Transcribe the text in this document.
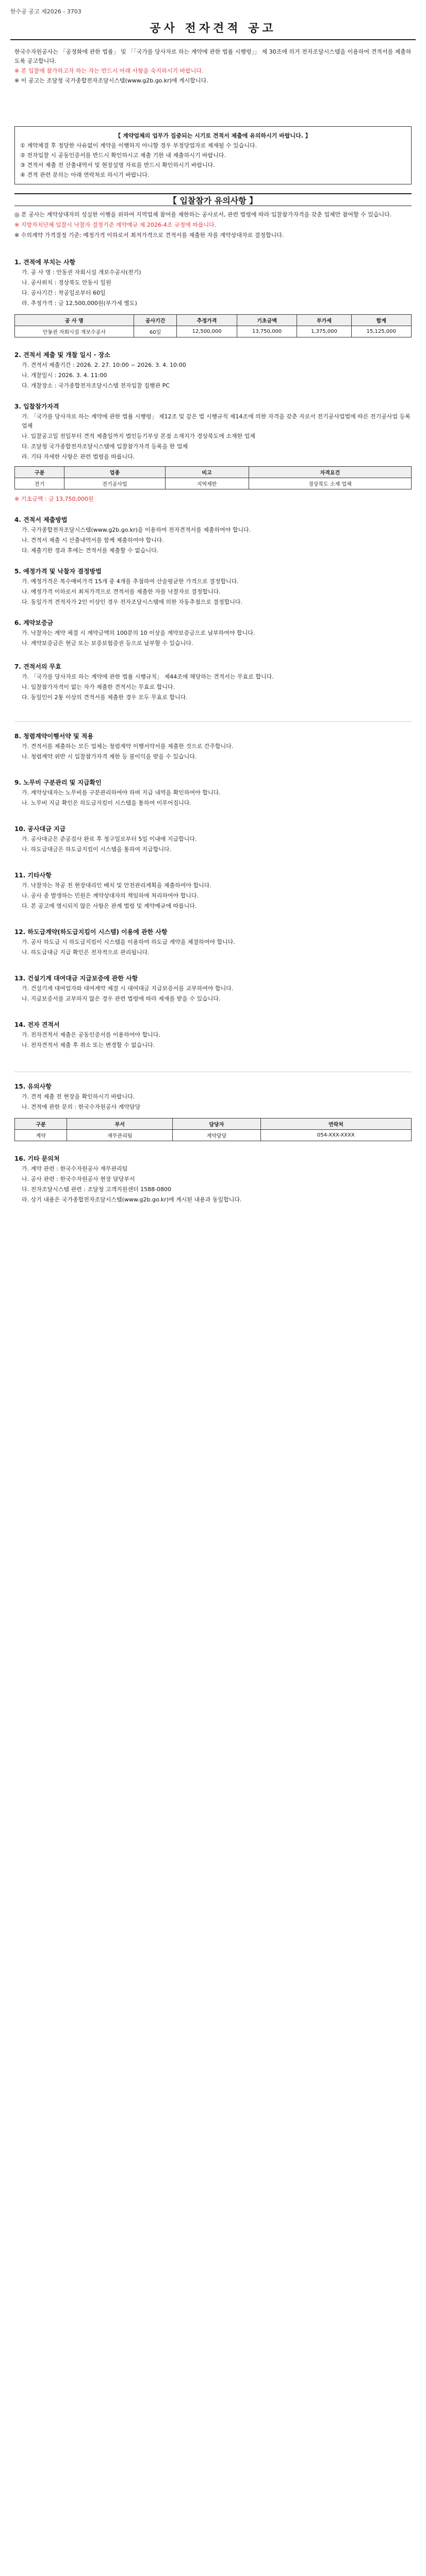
한수공 공고 제2026 - 3703
공사 전자견적 공고

한국수자원공사는 「공정화에 관한 법률」 및 「「국가를 당사자로 하는 계약에 관한 법률 시행령」」 제 30조에 의거 전자조달시스템을 이용하여 견적서를 제출하도록 공고합니다.

※ 본 입찰에 참가하고자 하는 자는 반드시 아래 사항을 숙지하시기 바랍니다.

※ 이 공고는 조달청 국가종합전자조달시스템(www.g2b.go.kr)에 게시합니다.

【 계약업체의 업무가 집중되는 시기로 견적서 제출에 유의하시기 바랍니다. 】

① 계약체결 후 정당한 사유없이 계약을 이행하지 아니할 경우 부정당업자로 제재될 수 있습니다.

② 전자입찰 시 공동인증서를 반드시 확인하시고 제출 기한 내 제출하시기 바랍니다.

③ 견적서 제출 전 산출내역서 및 현장설명 자료를 반드시 확인하시기 바랍니다.

④ 견적 관련 문의는 아래 연락처로 하시기 바랍니다.

【 입찰참가 유의사항 】

◎ 본 공사는 계약상대자의 성실한 이행을 위하여 지역업체 참여를 제한하는 공사로서, 관련 법령에 따라 입찰참가자격을 갖춘 업체만 참여할 수 있습니다.

※ 지방자치단체 입찰시 낙찰자 결정기준 계약예규 제 2026-4조 규정에 따릅니다.

※ 수의계약 가격결정 기준: 예정가격 이하로서 최저가격으로 견적서를 제출한 자를 계약상대자로 결정합니다.

1. 견적에 부치는 사항

가. 공 사 명 : 안동권 자회시설 개보수공사(전기)

나. 공사위치 : 경상북도 안동시 일원

다. 공사기간 : 착공일로부터 60일

라. 추정가격 : 금 12,500,000원(부가세 별도)

공 사 명	공사기간	추정가격	기초금액	부가세	합계
안동권 자회시설 개보수공사	60일	12,500,000	13,750,000	1,375,000	15,125,000
2. 견적서 제출 및 개찰 일시 · 장소

가. 견적서 제출기간 : 2026. 2. 27. 10:00 ~ 2026. 3. 4. 10:00

나. 개찰일시 : 2026. 3. 4. 11:00

다. 개찰장소 : 국가종합전자조달시스템 전자입찰 집행관 PC

3. 입찰참가자격

가. 「국가를 당사자로 하는 계약에 관한 법률 시행령」 제12조 및 같은 법 시행규칙 제14조에 의한 자격을 갖춘 자로서 전기공사업법에 따른 전기공사업 등록업체

나. 입찰공고일 전일부터 견적 제출일까지 법인등기부상 본점 소재지가 경상북도에 소재한 업체

다. 조달청 국가종합전자조달시스템에 입찰참가자격 등록을 한 업체

라. 기타 자세한 사항은 관련 법령을 따릅니다.

구분	업종	비고	자격요건
전기	전기공사업	지역제한	경상북도 소재 업체
※ 기초금액 : 금 13,750,000원
4. 견적서 제출방법

가. 국가종합전자조달시스템(www.g2b.go.kr)을 이용하여 전자견적서를 제출하여야 합니다.

나. 견적서 제출 시 산출내역서를 함께 제출하여야 합니다.

다. 제출기한 경과 후에는 견적서를 제출할 수 없습니다.

5. 예정가격 및 낙찰자 결정방법

가. 예정가격은 복수예비가격 15개 중 4개를 추첨하여 산술평균한 가격으로 결정합니다.

나. 예정가격 이하로서 최저가격으로 견적서를 제출한 자를 낙찰자로 결정합니다.

다. 동일가격 견적자가 2인 이상인 경우 전자조달시스템에 의한 자동추첨으로 결정합니다.

6. 계약보증금

가. 낙찰자는 계약 체결 시 계약금액의 100분의 10 이상을 계약보증금으로 납부하여야 합니다.

나. 계약보증금은 현금 또는 보증보험증권 등으로 납부할 수 있습니다.

7. 견적서의 무효

가. 「국가를 당사자로 하는 계약에 관한 법률 시행규칙」 제44조에 해당하는 견적서는 무효로 합니다.

나. 입찰참가자격이 없는 자가 제출한 견적서는 무효로 합니다.

다. 동일인이 2통 이상의 견적서를 제출한 경우 모두 무효로 합니다.

8. 청렴계약이행서약 및 적용

가. 견적서를 제출하는 모든 업체는 청렴계약 이행서약서를 제출한 것으로 간주합니다.

나. 청렴계약 위반 시 입찰참가자격 제한 등 불이익을 받을 수 있습니다.

9. 노무비 구분관리 및 지급확인

가. 계약상대자는 노무비를 구분관리하여야 하며 지급 내역을 확인하여야 합니다.

나. 노무비 지급 확인은 하도급지킴이 시스템을 통하여 이루어집니다.

10. 공사대금 지급

가. 공사대금은 준공검사 완료 후 청구일로부터 5일 이내에 지급합니다.

나. 하도급대금은 하도급지킴이 시스템을 통하여 지급합니다.

11. 기타사항

가. 낙찰자는 착공 전 현장대리인 배치 및 안전관리계획을 제출하여야 합니다.

나. 공사 중 발생하는 민원은 계약상대자의 책임하에 처리하여야 합니다.

다. 본 공고에 명시되지 않은 사항은 관계 법령 및 계약예규에 따릅니다.

12. 하도급계약(하도급지킴이 시스템) 이용에 관한 사항

가. 공사 하도급 시 하도급지킴이 시스템을 이용하여 하도급 계약을 체결하여야 합니다.

나. 하도급대금 지급 확인은 전자적으로 관리됩니다.

13. 건설기계 대여대금 지급보증에 관한 사항

가. 건설기계 대여업자와 대여계약 체결 시 대여대금 지급보증서를 교부하여야 합니다.

나. 지급보증서를 교부하지 않은 경우 관련 법령에 따라 제재를 받을 수 있습니다.

14. 전자 견적서

가. 전자견적서 제출은 공동인증서를 이용하여야 합니다.

나. 전자견적서 제출 후 취소 또는 변경할 수 없습니다.

15. 유의사항

가. 견적 제출 전 현장을 확인하시기 바랍니다.

나. 견적에 관한 문의 : 한국수자원공사 계약담당

구분	부서	담당자	연락처
계약	재무관리팀	계약담당	054-XXX-XXXX
16. 기타 문의처

가. 계약 관련 : 한국수자원공사 재무관리팀

나. 공사 관련 : 한국수자원공사 현장 담당부서

다. 전자조달시스템 관련 : 조달청 고객지원센터 1588-0800

라. 상기 내용은 국가종합전자조달시스템(www.g2b.go.kr)에 게시된 내용과 동일합니다.
